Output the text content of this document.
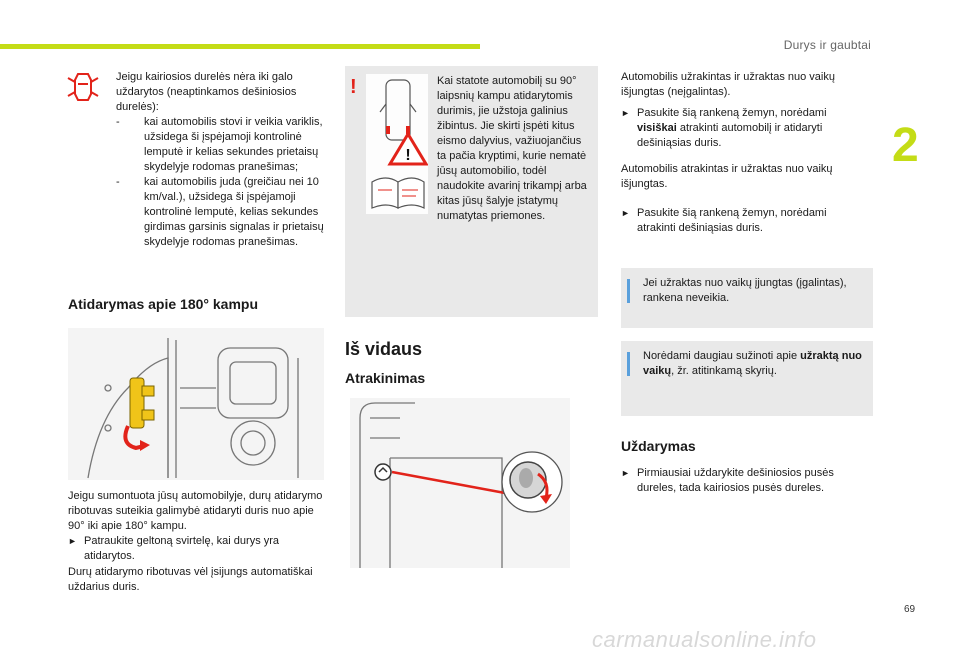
Durys ir gaubtai
2
Jeigu kairiosios durelės nėra iki galo uždarytos (neaptinkamos dešiniosios durelės):
-	kai automobilis stovi ir veikia variklis, užsidega ši įspėjamoji kontrolinė lemputė ir kelias sekundes prietaisų skydelyje rodomas pranešimas;
-	kai automobilis juda (greičiau nei 10 km/val.), užsidega ši įspėjamoji kontrolinė lemputė, kelias sekundes girdimas garsinis signalas ir prietaisų skydelyje rodomas pranešimas.
Atidarymas apie 180° kampu
Jeigu sumontuota jūsų automobilyje, durų atidarymo ribotuvas suteikia galimybė atidaryti duris nuo apie 90° iki apie 180° kampu.
► Patraukite geltoną svirtelę, kai durys yra atidarytos.
Durų atidarymo ribotuvas vėl įsijungs automatiškai uždarius duris.
!
!
Kai statote automobilį su 90° laipsnių kampu atidarytomis durimis, jie užstoja galinius žibintus. Jie skirti įspėti kitus eismo dalyvius, važiuojančius ta pačia kryptimi, kurie nematė jūsų automobilio, todėl naudokite avarinį trikampį arba kitas jūsų šalyje įstatymų numatytas priemones.
Iš vidaus
Atrakinimas
Automobilis užrakintas ir užraktas nuo vaikų išjungtas (neįgalintas).
► Pasukite šią rankeną žemyn, norėdami visiškai atrakinti automobilį ir atidaryti dešiniąsias duris.
Automobilis atrakintas ir užraktas nuo vaikų išjungtas.
► Pasukite šią rankeną žemyn, norėdami atrakinti dešiniąsias duris.
Jei užraktas nuo vaikų įjungtas (įgalintas), rankena neveikia.
Norėdami daugiau sužinoti apie užraktą nuo vaikų, žr. atitinkamą skyrių.
Uždarymas
► Pirmiausiai uždarykite dešiniosios pusės dureles, tada kairiosios pusės dureles.
69
carmanualsonline.info
